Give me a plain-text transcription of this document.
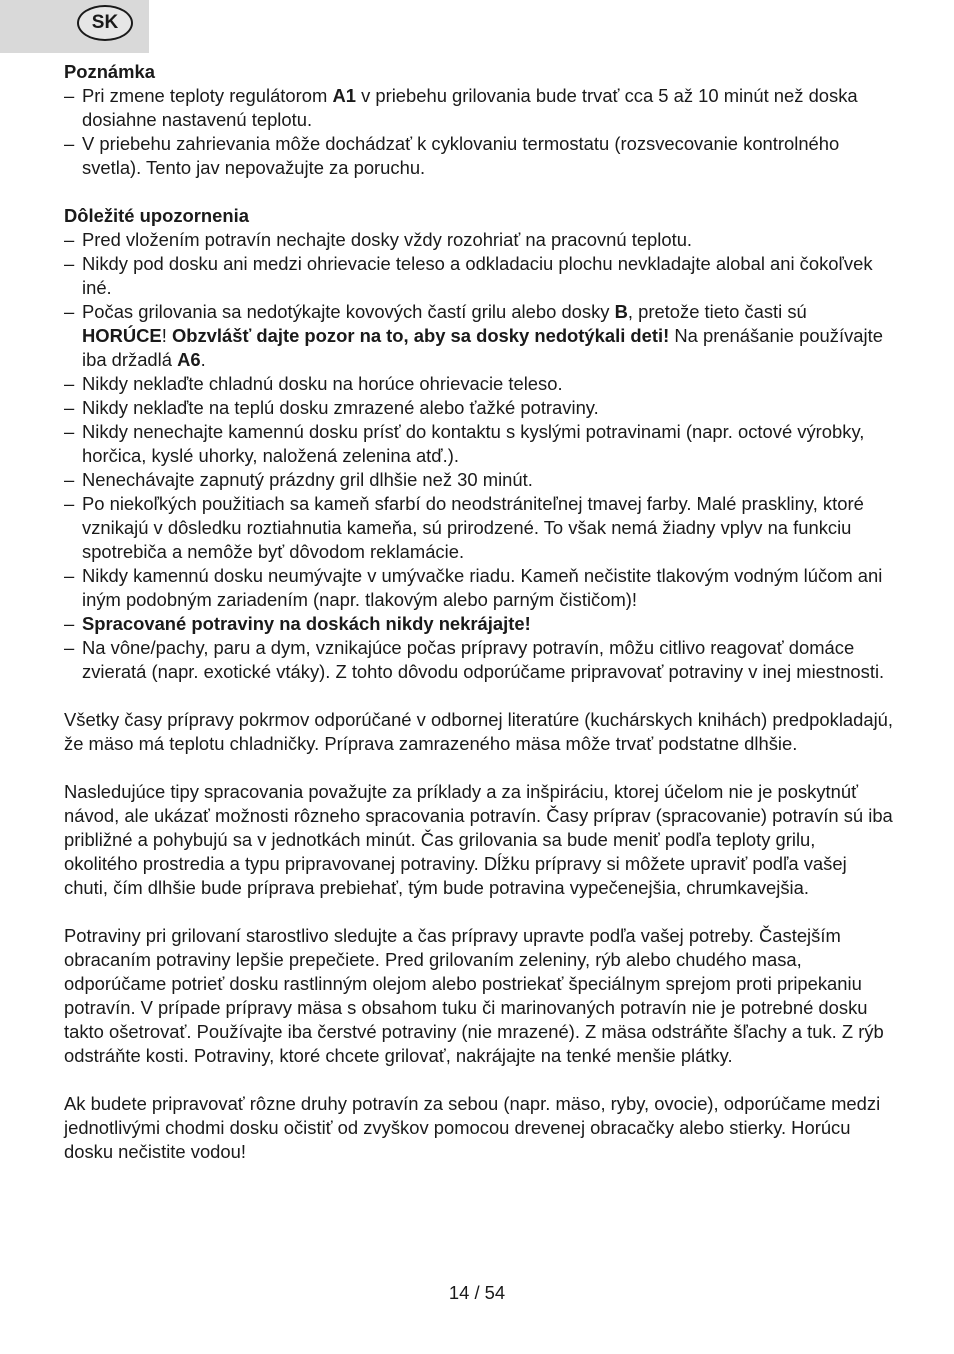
SK

Poznámka

– Pri zmene teploty regulátorom A1 v priebehu grilovania bude trvať cca 5 až 10 minút než doska dosiahne nastavenú teplotu.
– V priebehu zahrievania môže dochádzať k cyklovaniu termostatu (rozsvecovanie kontrolného svetla). Tento jav nepovažujte za poruchu.

Dôležité upozornenia

– Pred vložením potravín nechajte dosky vždy rozohriať na pracovnú teplotu.
– Nikdy pod dosku ani medzi ohrievacie teleso a odkladaciu plochu nevkladajte alobal ani čokoľvek iné.
– Počas grilovania sa nedotýkajte kovových častí grilu alebo dosky B, pretože tieto časti sú HORÚCE! Obzvlášť dajte pozor na to, aby sa dosky nedotýkali deti! Na prenášanie používajte iba držadlá A6.
– Nikdy neklaďte chladnú dosku na horúce ohrievacie teleso.
– Nikdy neklaďte na teplú dosku zmrazené alebo ťažké potraviny.
– Nikdy nenechajte kamennú dosku prísť do kontaktu s kyslými potravinami (napr. octové výrobky, horčica, kyslé uhorky, naložená zelenina atď.).
– Nenechávajte zapnutý prázdny gril dlhšie než 30 minút.
– Po niekoľkých použitiach sa kameň sfarbí do neodstrániteľnej tmavej farby. Malé praskliny, ktoré vznikajú v dôsledku roztiahnutia kameňa, sú prirodzené. To však nemá žiadny vplyv na funkciu spotrebiča a nemôže byť dôvodom reklamácie.
– Nikdy kamennú dosku neumývajte v umývačke riadu. Kameň nečistite tlakovým vodným lúčom ani iným podobným zariadením (napr. tlakovým alebo parným čističom)!
– Spracované potraviny na doskách nikdy nekrájajte!
– Na vône/pachy, paru a dym, vznikajúce počas prípravy potravín, môžu citlivo reagovať domáce zvieratá (napr. exotické vtáky). Z tohto dôvodu odporúčame pripravovať potraviny v inej miestnosti.

Všetky časy prípravy pokrmov odporúčané v odbornej literatúre (kuchárskych knihách) predpokladajú, že mäso má teplotu chladničky. Príprava zamrazeného mäsa môže trvať podstatne dlhšie.

Nasledujúce tipy spracovania považujte za príklady a za inšpiráciu, ktorej účelom nie je poskytnúť návod, ale ukázať možnosti rôzneho spracovania potravín. Časy príprav (spracovanie) potravín sú iba približné a pohybujú sa v jednotkách minút. Čas grilovania sa bude meniť podľa teploty grilu, okolitého prostredia a typu pripravovanej potraviny. Dĺžku prípravy si môžete upraviť podľa vašej chuti, čím dlhšie bude príprava prebiehať, tým bude potravina vypečenejšia, chrumkavejšia.

Potraviny pri grilovaní starostlivo sledujte a čas prípravy upravte podľa vašej potreby. Častejším obracaním potraviny lepšie prepečiete. Pred grilovaním zeleniny, rýb alebo chudého masa, odporúčame potrieť dosku rastlinným olejom alebo postriekať špeciálnym sprejom proti pripekaniu potravín. V prípade prípravy mäsa s obsahom tuku či marinovaných potravín nie je potrebné dosku takto ošetrovať. Používajte iba čerstvé potraviny (nie mrazené). Z mäsa odstráňte šľachy a tuk. Z rýb odstráňte kosti. Potraviny, ktoré chcete grilovať, nakrájajte na tenké menšie plátky.

Ak budete pripravovať rôzne druhy potravín za sebou (napr. mäso, ryby, ovocie), odporúčame medzi jednotlivými chodmi dosku očistiť od zvyškov pomocou drevenej obracačky alebo stierky. Horúcu dosku nečistite vodou!

14 / 54
